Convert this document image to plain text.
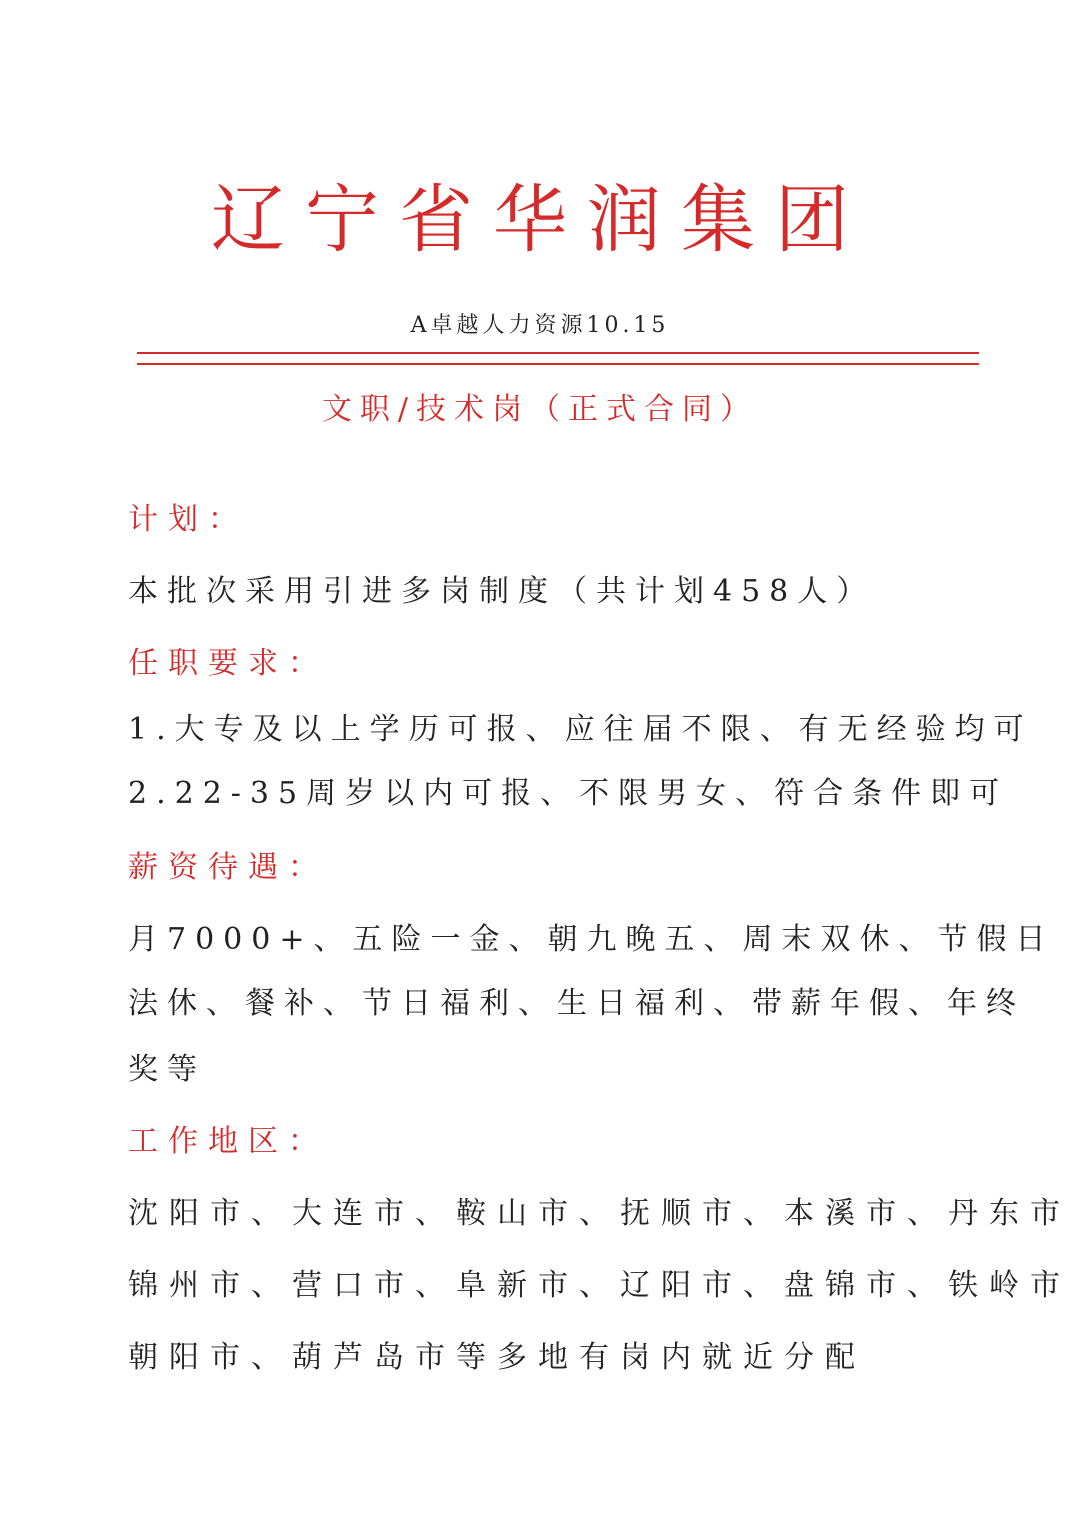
辽宁省华润集团
A卓越人力资源10.15
文职/技术岗（正式合同）
计划：
本批次采用引进多岗制度（共计划458人）
任职要求：
1.大专及以上学历可报、应往届不限、有无经验均可
2.22-35周岁以内可报、不限男女、符合条件即可
薪资待遇：
月7000+、五险一金、朝九晚五、周末双休、节假日
法休、餐补、节日福利、生日福利、带薪年假、年终
奖等
工作地区：
沈阳市、大连市、鞍山市、抚顺市、本溪市、丹东市
锦州市、营口市、阜新市、辽阳市、盘锦市、铁岭市
朝阳市、葫芦岛市等多地有岗内就近分配
